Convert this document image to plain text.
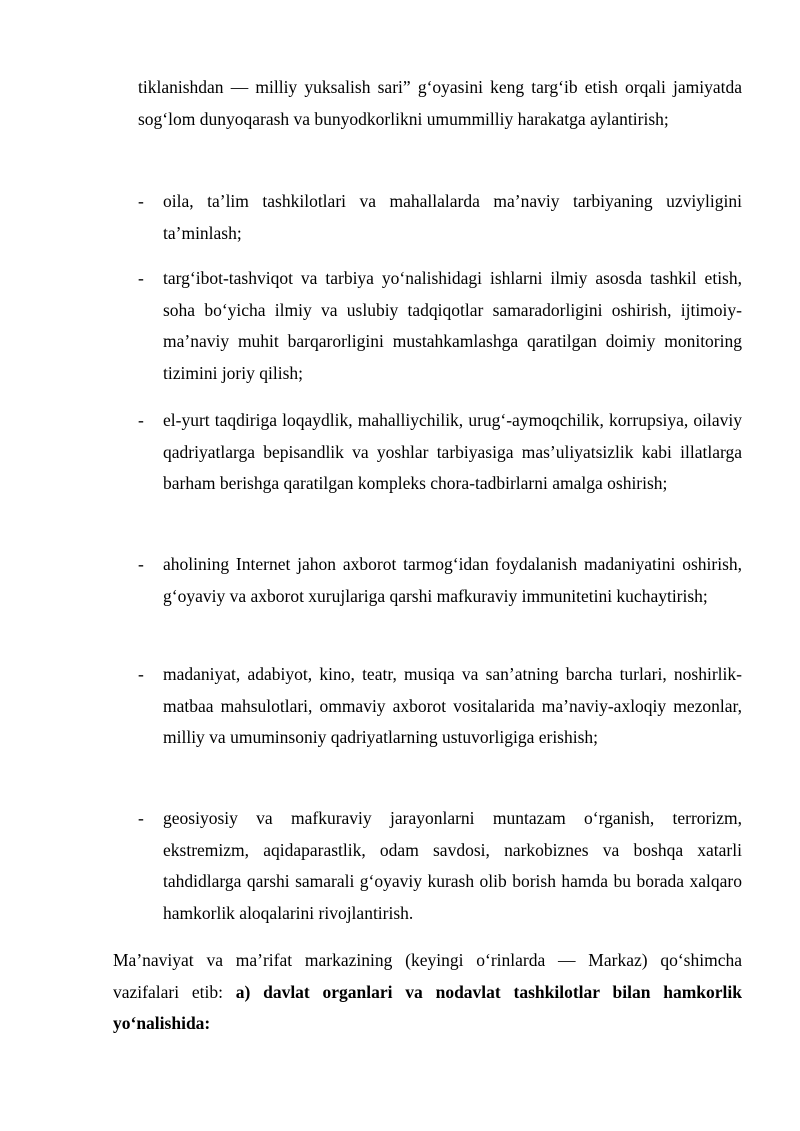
tiklanishdan — milliy yuksalish sari” g‘oyasini keng targ‘ib etish orqali jamiyatda sog‘lom dunyoqarash va bunyodkorlikni umummilliy harakatga aylantirish;

-	oila, ta’lim tashkilotlari va mahallalarda ma’naviy tarbiyaning uzviyligini ta’minlash;

-	targ‘ibot-tashviqot va tarbiya yo‘nalishidagi ishlarni ilmiy asosda tashkil etish, soha bo‘yicha ilmiy va uslubiy tadqiqotlar samaradorligini oshirish, ijtimoiy-ma’naviy muhit barqarorligini mustahkamlashga qaratilgan doimiy monitoring tizimini joriy qilish;

-	el-yurt taqdiriga loqaydlik, mahalliychilik, urug‘-aymoqchilik, korrupsiya, oilaviy qadriyatlarga bepisandlik va yoshlar tarbiyasiga mas’uliyatsizlik kabi illatlarga barham berishga qaratilgan kompleks chora-tadbirlarni amalga oshirish;

-	aholining Internet jahon axborot tarmog‘idan foydalanish madaniyatini oshirish, g‘oyaviy va axborot xurujlariga qarshi mafkuraviy immunitetini kuchaytirish;

-	madaniyat, adabiyot, kino, teatr, musiqa va san’atning barcha turlari, noshirlik-matbaa mahsulotlari, ommaviy axborot vositalarida ma’naviy-axloqiy mezonlar, milliy va umuminsoniy qadriyatlarning ustuvorligiga erishish;

-	geosiyosiy va mafkuraviy jarayonlarni muntazam o‘rganish, terrorizm, ekstremizm, aqidaparastlik, odam savdosi, narkobiznes va boshqa xatarli tahdidlarga qarshi samarali g‘oyaviy kurash olib borish hamda bu borada xalqaro hamkorlik aloqalarini rivojlantirish.

Ma’naviyat va ma’rifat markazining (keyingi o‘rinlarda — Markaz) qo‘shimcha vazifalari etib: a) davlat organlari va nodavlat tashkilotlar bilan hamkorlik yo‘nalishida:
